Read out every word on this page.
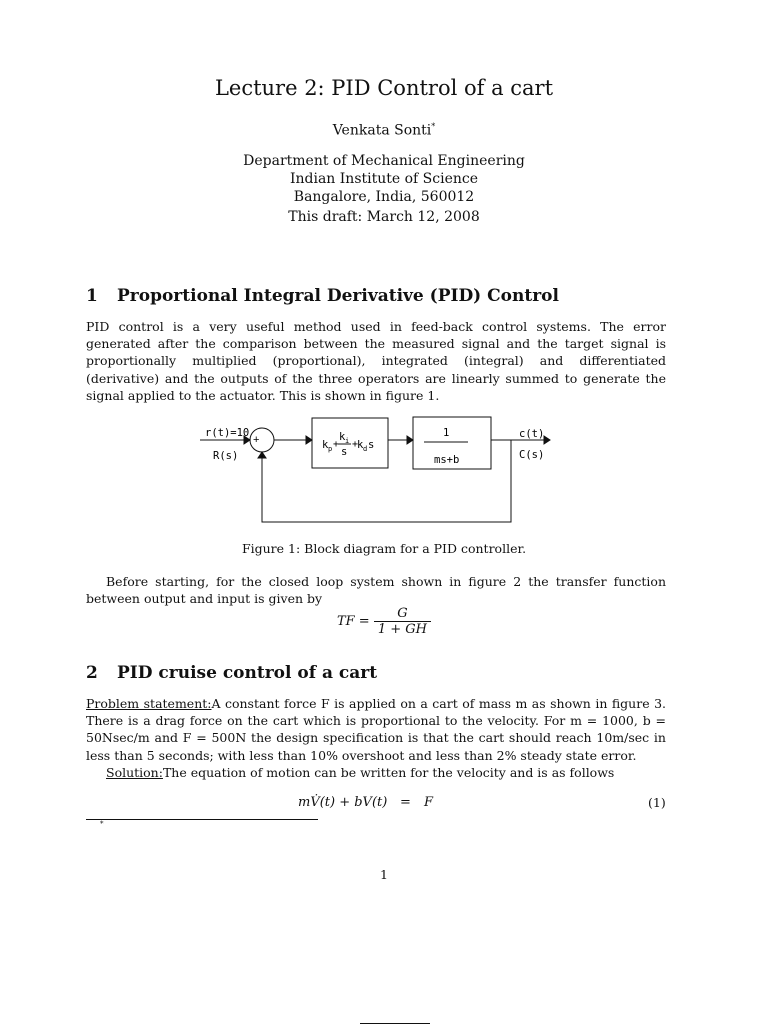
Lecture 2: PID Control of a cart
Venkata Sonti*
Department of Mechanical Engineering
Indian Institute of Science
Bangalore, India, 560012
This draft: March 12, 2008
1 Proportional Integral Derivative (PID) Control
PID control is a very useful method used in feed-back control systems. The error generated after the comparison between the measured signal and the target signal is proportionally multiplied (proportional), integrated (integral) and differentiated (derivative) and the outputs of the three operators are linearly summed to generate the signal applied to the actuator. This is shown in figure 1.
r(t)=10
R(s)
+
-
k p +
k i
s
+
k d s
1
ms+b
c(t)
C(s)
Figure 1: Block diagram for a PID controller.
Before starting, for the closed loop system shown in figure 2 the transfer function between output and input is given by
TF = $\frac{G}{1 + GH}$
2 PID cruise control of a cart
Problem statement:A constant force F is applied on a cart of mass m as shown in figure 3. There is a drag force on the cart which is proportional to the velocity. For m = 1000, b = 50Nsec/m and F = 500N the design specification is that the cart should reach 10m/sec in less than 5 seconds; with less than 10% overshoot and less than 2% steady state error.
Solution:The equation of motion can be written for the velocity and is as follows
mV̇(t) + bV(t) = F	(1)
*
1
